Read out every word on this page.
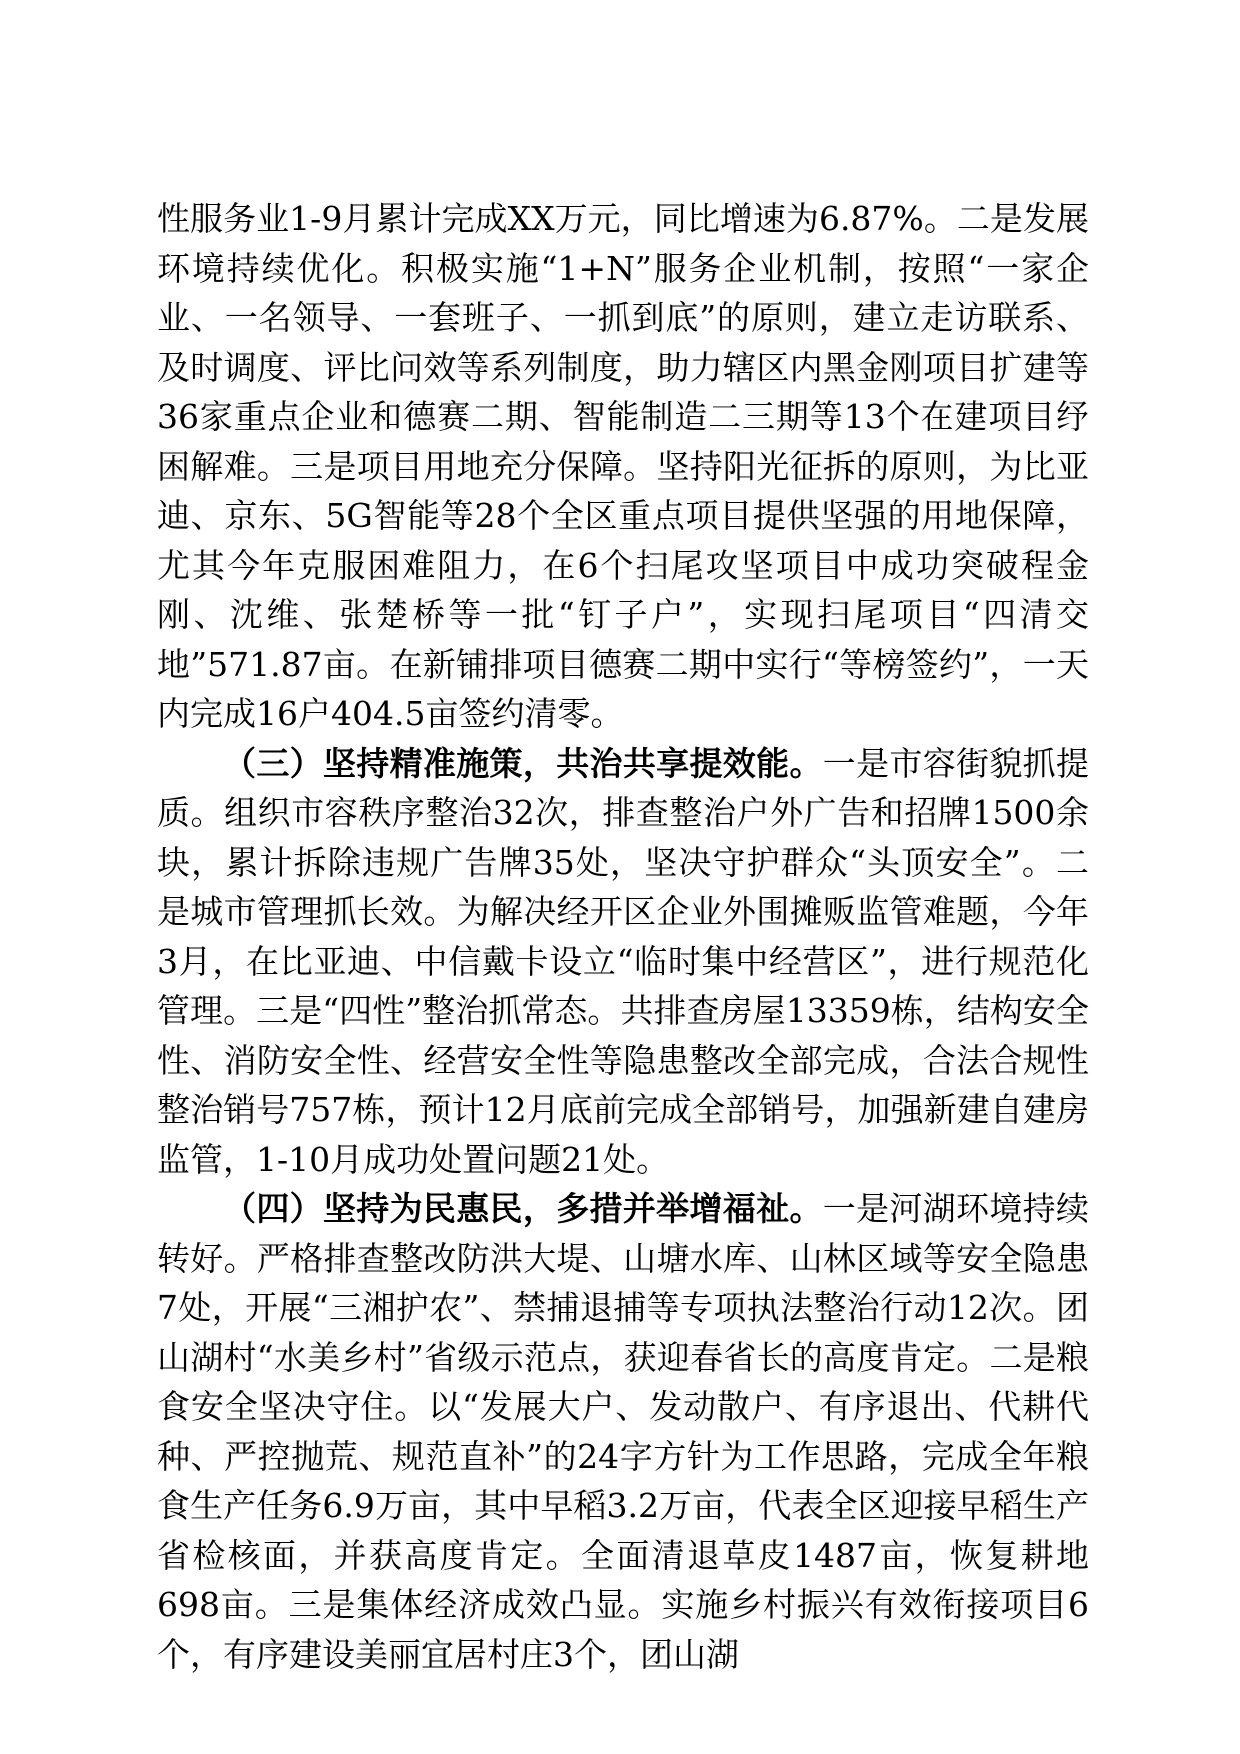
性服务业1-9月累计完成XX万元，同比增速为6.87%。二是发展环境持续优化。积极实施“1+N”服务企业机制，按照“一家企业、一名领导、一套班子、一抓到底”的原则，建立走访联系、及时调度、评比问效等系列制度，助力辖区内黑金刚项目扩建等36家重点企业和德赛二期、智能制造二三期等13个在建项目纾困解难。三是项目用地充分保障。坚持阳光征拆的原则，为比亚迪、京东、5G智能等28个全区重点项目提供坚强的用地保障，尤其今年克服困难阻力，在6个扫尾攻坚项目中成功突破程金刚、沈维、张楚桥等一批“钉子户”，实现扫尾项目“四清交地”571.87亩。在新铺排项目德赛二期中实行“等榜签约”，一天内完成16户404.5亩签约清零。

（三）坚持精准施策，共治共享提效能。一是市容街貌抓提质。组织市容秩序整治32次，排查整治户外广告和招牌1500余块，累计拆除违规广告牌35处，坚决守护群众“头顶安全”。二是城市管理抓长效。为解决经开区企业外围摊贩监管难题，今年3月，在比亚迪、中信戴卡设立“临时集中经营区”，进行规范化管理。三是“四性”整治抓常态。共排查房屋13359栋，结构安全性、消防安全性、经营安全性等隐患整改全部完成，合法合规性整治销号757栋，预计12月底前完成全部销号，加强新建自建房监管，1-10月成功处置问题21处。

（四）坚持为民惠民，多措并举增福祉。一是河湖环境持续转好。严格排查整改防洪大堤、山塘水库、山林区域等安全隐患7处，开展“三湘护农”、禁捕退捕等专项执法整治行动12次。团山湖村“水美乡村”省级示范点，获迎春省长的高度肯定。二是粮食安全坚决守住。以“发展大户、发动散户、有序退出、代耕代种、严控抛荒、规范直补”的24字方针为工作思路，完成全年粮食生产任务6.9万亩，其中早稻3.2万亩，代表全区迎接早稻生产省检核面，并获高度肯定。全面清退草皮1487亩，恢复耕地698亩。三是集体经济成效凸显。实施乡村振兴有效衔接项目6个，有序建设美丽宜居村庄3个，团山湖
